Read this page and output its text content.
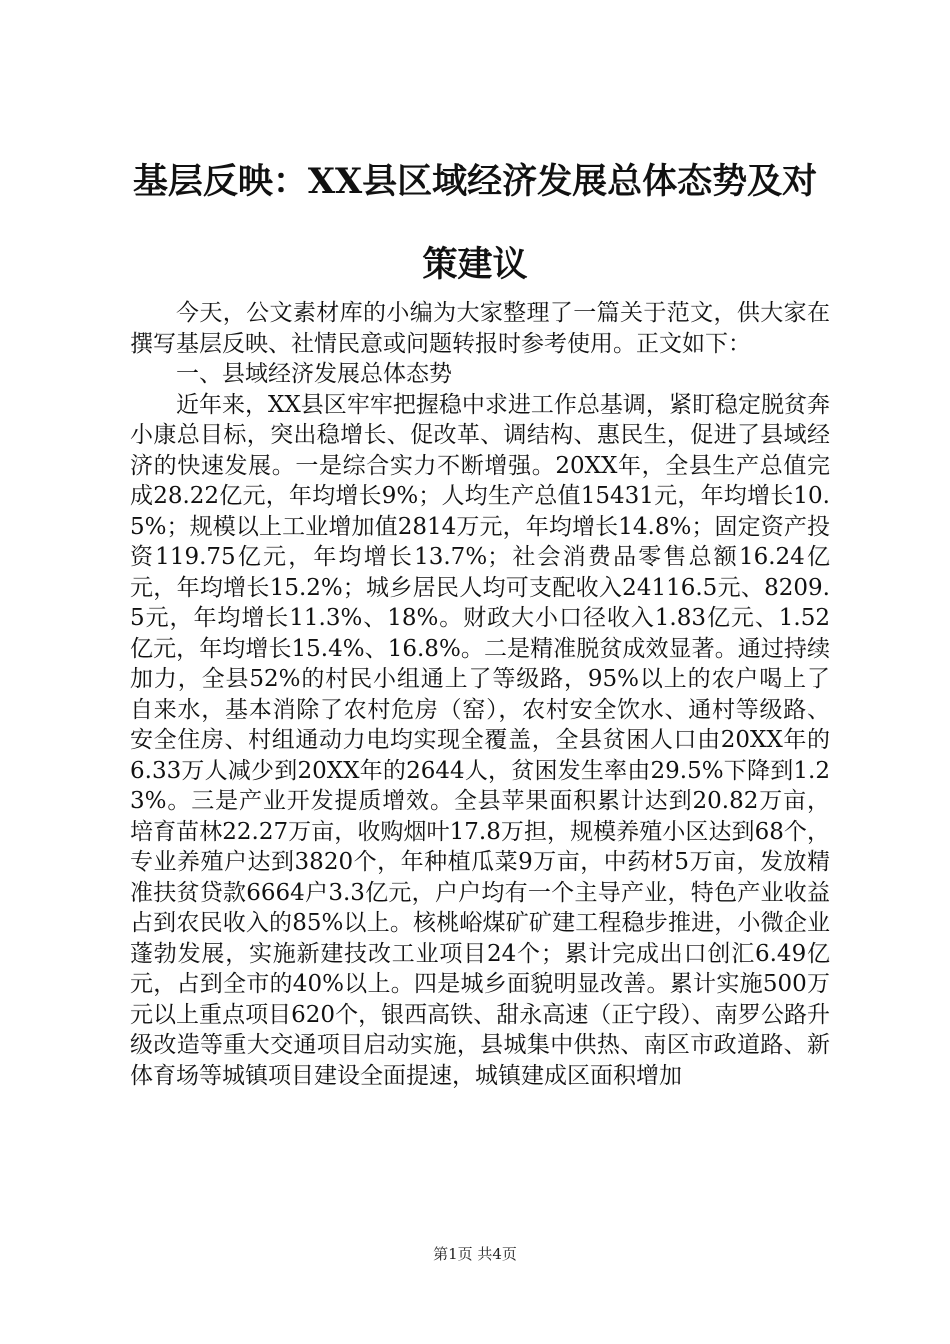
基层反映：XX县区域经济发展总体态势及对
策建议

今天，公文素材库的小编为大家整理了一篇关于范文，供大家在撰写基层反映、社情民意或问题转报时参考使用。正文如下：

一、县域经济发展总体态势

近年来，XX县区牢牢把握稳中求进工作总基调，紧盯稳定脱贫奔小康总目标，突出稳增长、促改革、调结构、惠民生，促进了县域经济的快速发展。一是综合实力不断增强。20XX年，全县生产总值完成28.22亿元，年均增长9%；人均生产总值15431元，年均增长10.5%；规模以上工业增加值2814万元，年均增长14.8%；固定资产投资119.75亿元，年均增长13.7%；社会消费品零售总额16.24亿元，年均增长15.2%；城乡居民人均可支配收入24116.5元、8209.5元，年均增长11.3%、18%。财政大小口径收入1.83亿元、1.52亿元，年均增长15.4%、16.8%。二是精准脱贫成效显著。通过持续加力，全县52%的村民小组通上了等级路，95%以上的农户喝上了自来水，基本消除了农村危房（窑），农村安全饮水、通村等级路、安全住房、村组通动力电均实现全覆盖，全县贫困人口由20XX年的6.33万人减少到20XX年的2644人，贫困发生率由29.5%下降到1.23%。三是产业开发提质增效。全县苹果面积累计达到20.82万亩，培育苗林22.27万亩，收购烟叶17.8万担，规模养殖小区达到68个，专业养殖户达到3820个，年种植瓜菜9万亩，中药材5万亩，发放精准扶贫贷款6664户3.3亿元，户户均有一个主导产业，特色产业收益占到农民收入的85%以上。核桃峪煤矿矿建工程稳步推进，小微企业蓬勃发展，实施新建技改工业项目24个；累计完成出口创汇6.49亿元，占到全市的40%以上。四是城乡面貌明显改善。累计实施500万元以上重点项目620个，银西高铁、甜永高速（正宁段）、南罗公路升级改造等重大交通项目启动实施，县城集中供热、南区市政道路、新体育场等城镇项目建设全面提速，城镇建成区面积增加

第1页 共4页
